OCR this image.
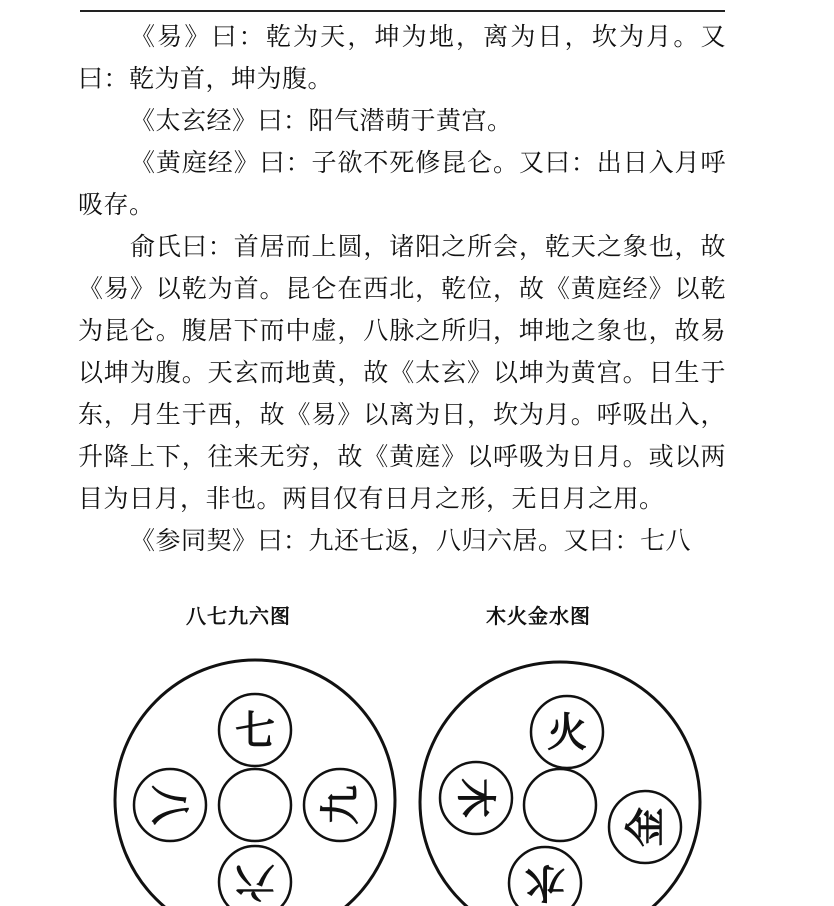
《易》曰：乾为天，坤为地，离为日，坎为月。又曰：乾为首，坤为腹。

《太玄经》曰：阳气潜萌于黄宫。

《黄庭经》曰：子欲不死修昆仑。又曰：出日入月呼吸存。

俞氏曰：首居而上圆，诸阳之所会，乾天之象也，故《易》以乾为首。昆仑在西北，乾位，故《黄庭经》以乾为昆仑。腹居下而中虚，八脉之所归，坤地之象也，故易以坤为腹。天玄而地黄，故《太玄》以坤为黄宫。日生于东，月生于西，故《易》以离为日，坎为月。呼吸出入，升降上下，往来无穷，故《黄庭》以呼吸为日月。或以两目为日月，非也。两目仅有日月之形，无日月之用。

《参同契》曰：九还七返，八归六居。又曰：七八

八七九六图	木火金水图
七
八	九
六
火
木
金
水
